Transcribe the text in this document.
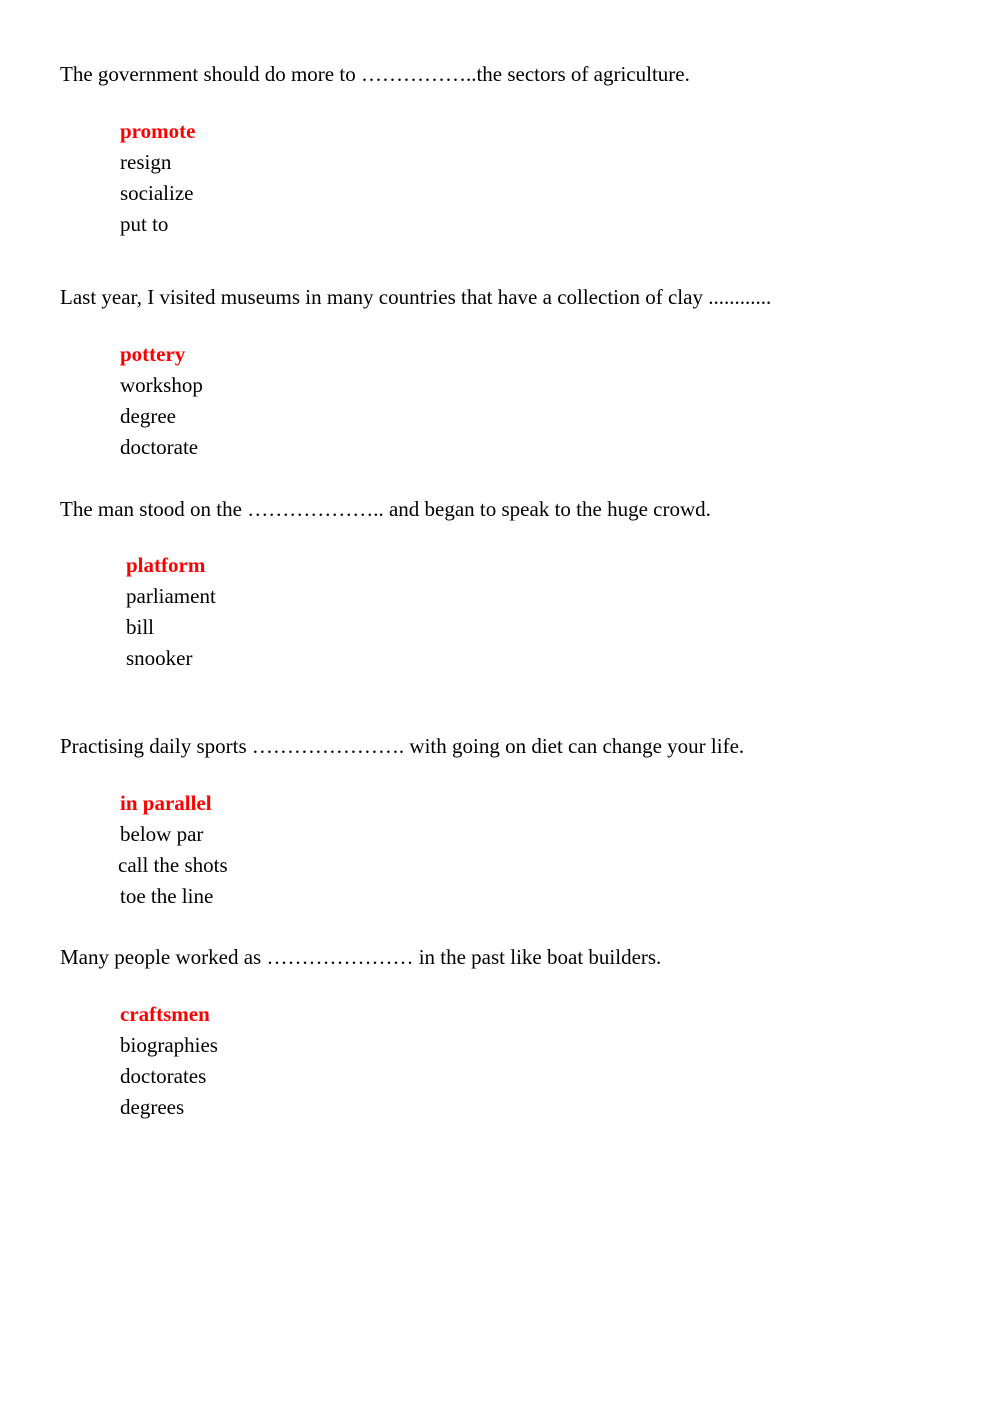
The government should do more to ……………..the sectors of agriculture.
promote
resign
socialize
put to
Last year, I visited museums in many countries that have a collection of clay ............
pottery
workshop
degree
doctorate
The man stood on the ……………….. and began to speak to the huge crowd.
platform
parliament
bill
snooker
Practising daily sports …………………. with going on diet can change your life.
in parallel
below par
call the shots
toe the line
Many people worked as ………………… in the past like boat builders.
craftsmen
biographies
doctorates
degrees
